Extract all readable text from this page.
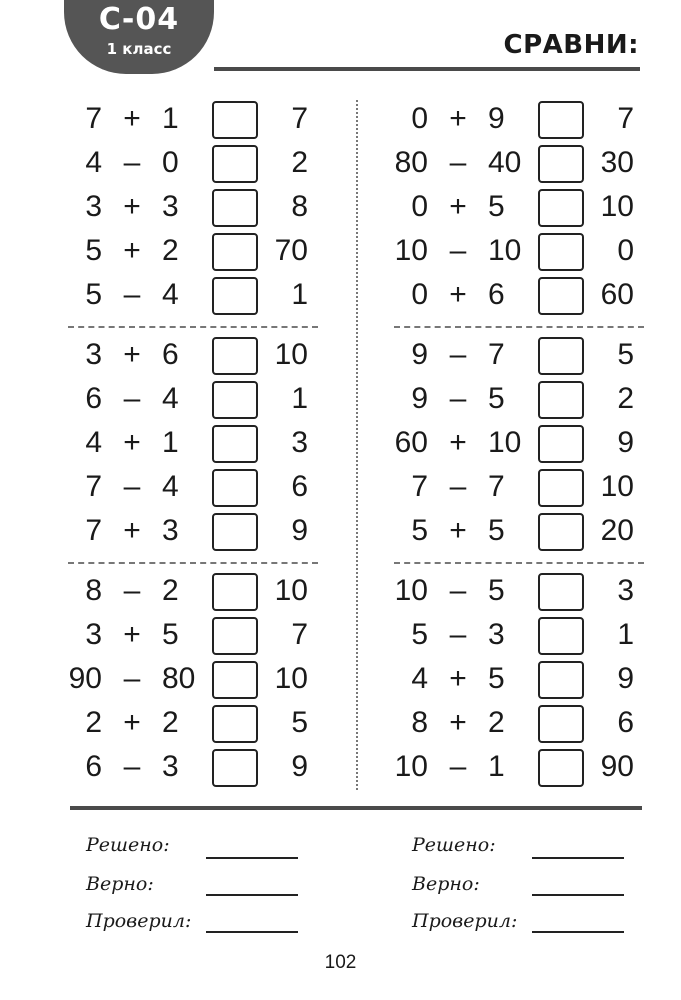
С-04
1 класс	СРАВНИ:
7 + 1	7
4 – 0	2
3 + 3	8
5 + 2	70
5 – 4	1
3 + 6	10
6 – 4	1
4 + 1	3
7 – 4	6
7 + 3	9
8 – 2	10
3 + 5	7
90 – 80	10
2 + 2	5
6 – 3	9
0 + 9	7
80 – 40	30
0 + 5	10
10 – 10	0
0 + 6	60
9 – 7	5
9 – 5	2
60 + 10	9
7 – 7	10
5 + 5	20
10 – 5	3
5 – 3	1
4 + 5	9
8 + 2	6
10 – 1	90
Решено:
Верно:
Проверил:
Решено:
Верно:
Проверил:
102
